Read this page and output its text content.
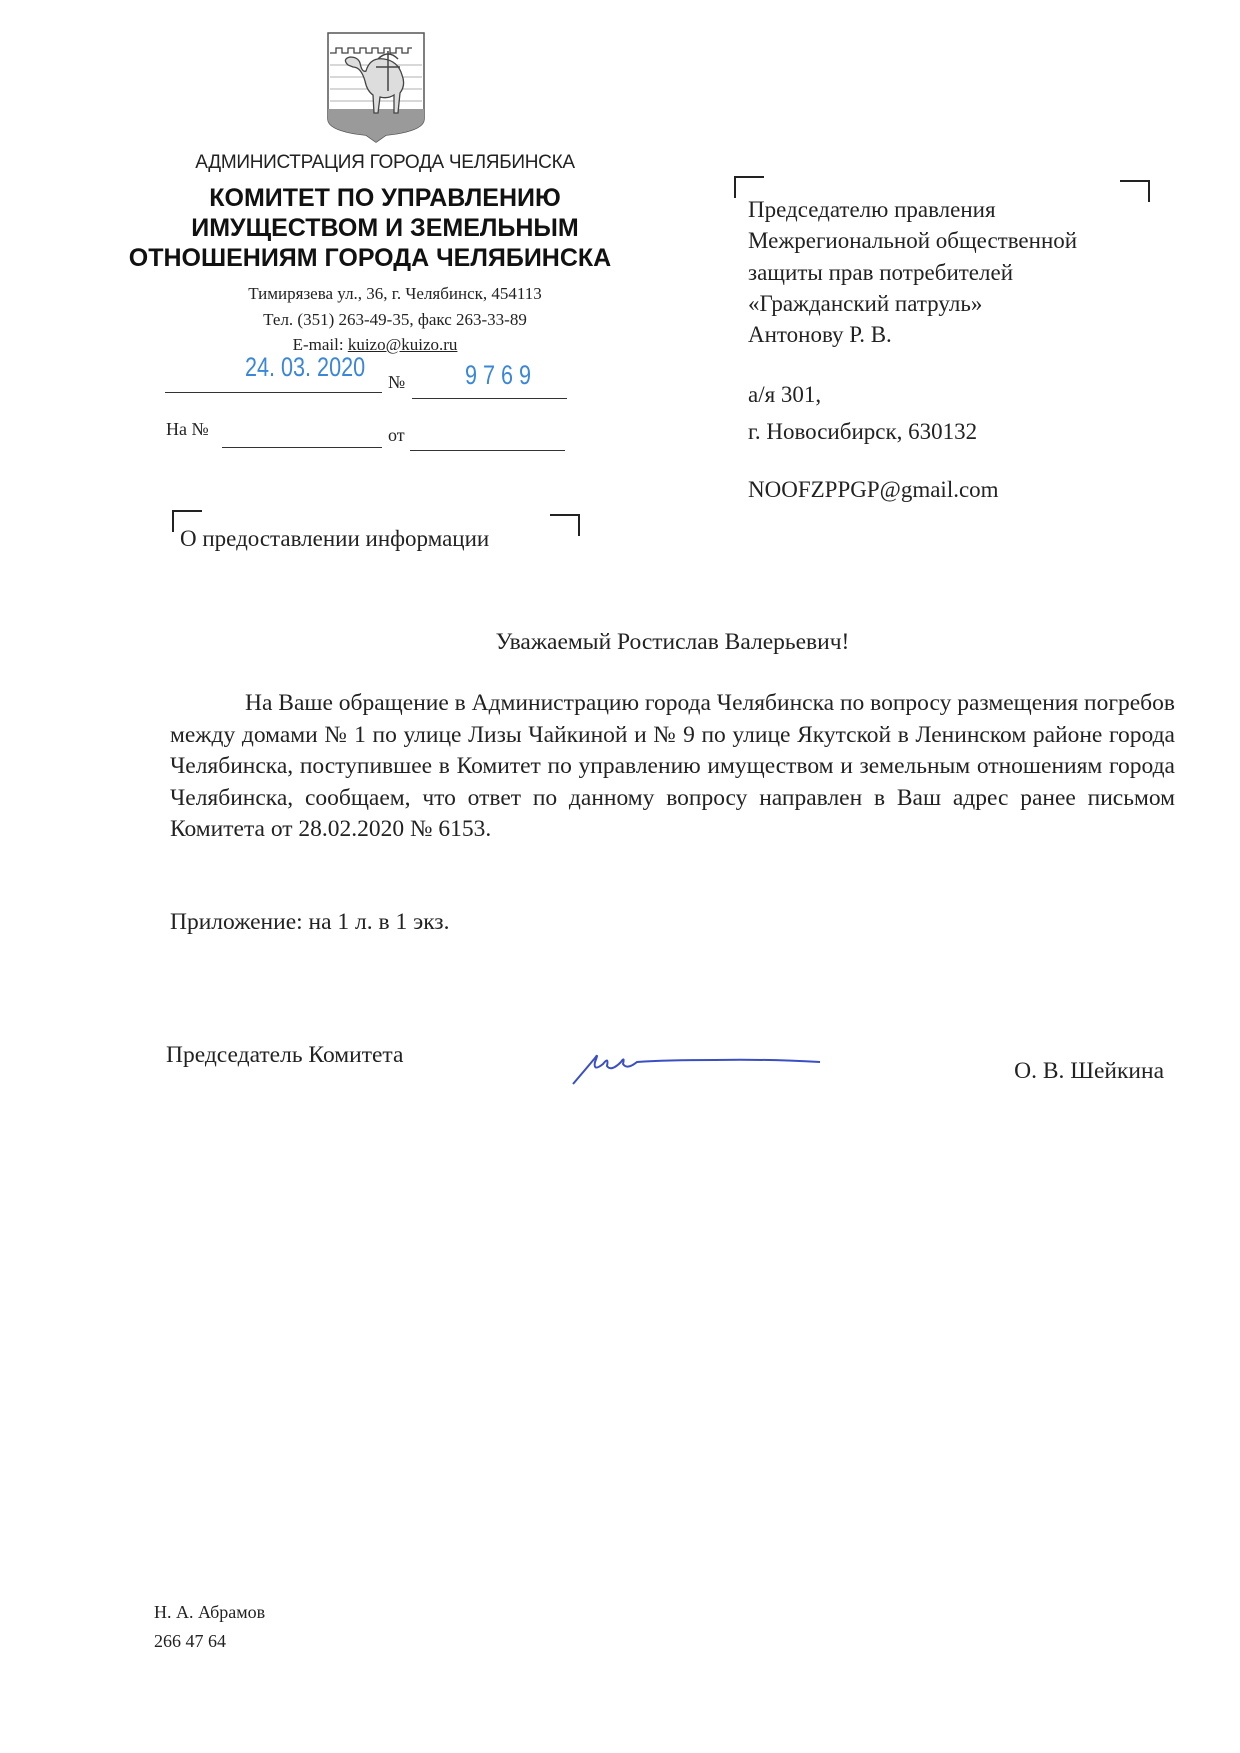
АДМИНИСТРАЦИЯ ГОРОДА ЧЕЛЯБИНСКА
КОМИТЕТ ПО УПРАВЛЕНИЮ
ИМУЩЕСТВОМ И ЗЕМЕЛЬНЫМ
ОТНОШЕНИЯМ ГОРОДА ЧЕЛЯБИНСКА
Тимирязева ул., 36, г. Челябинск, 454113
Тел. (351) 263-49-35, факс 263-33-89
E-mail: kuizo@kuizo.ru
24. 03. 2020 № 9 7 6 9
На №	от
О предоставлении информации
Председателю правления
Межрегиональной общественной
защиты прав потребителей
«Гражданский патруль»
Антонову Р. В.
а/я 301,
г. Новосибирск, 630132
NOOFZPPGP@gmail.com
Уважаемый Ростислав Валерьевич!
На Ваше обращение в Администрацию города Челябинска по вопросу размещения погребов между домами № 1 по улице Лизы Чайкиной и № 9 по улице Якутской в Ленинском районе города Челябинска, поступившее в Комитет по управлению имуществом и земельным отношениям города Челябинска, сообщаем, что ответ по данному вопросу направлен в Ваш адрес ранее письмом Комитета от 28.02.2020 № 6153.
Приложение: на 1 л. в 1 экз.
Председатель Комитета
О. В. Шейкина
Н. А. Абрамов
266 47 64
